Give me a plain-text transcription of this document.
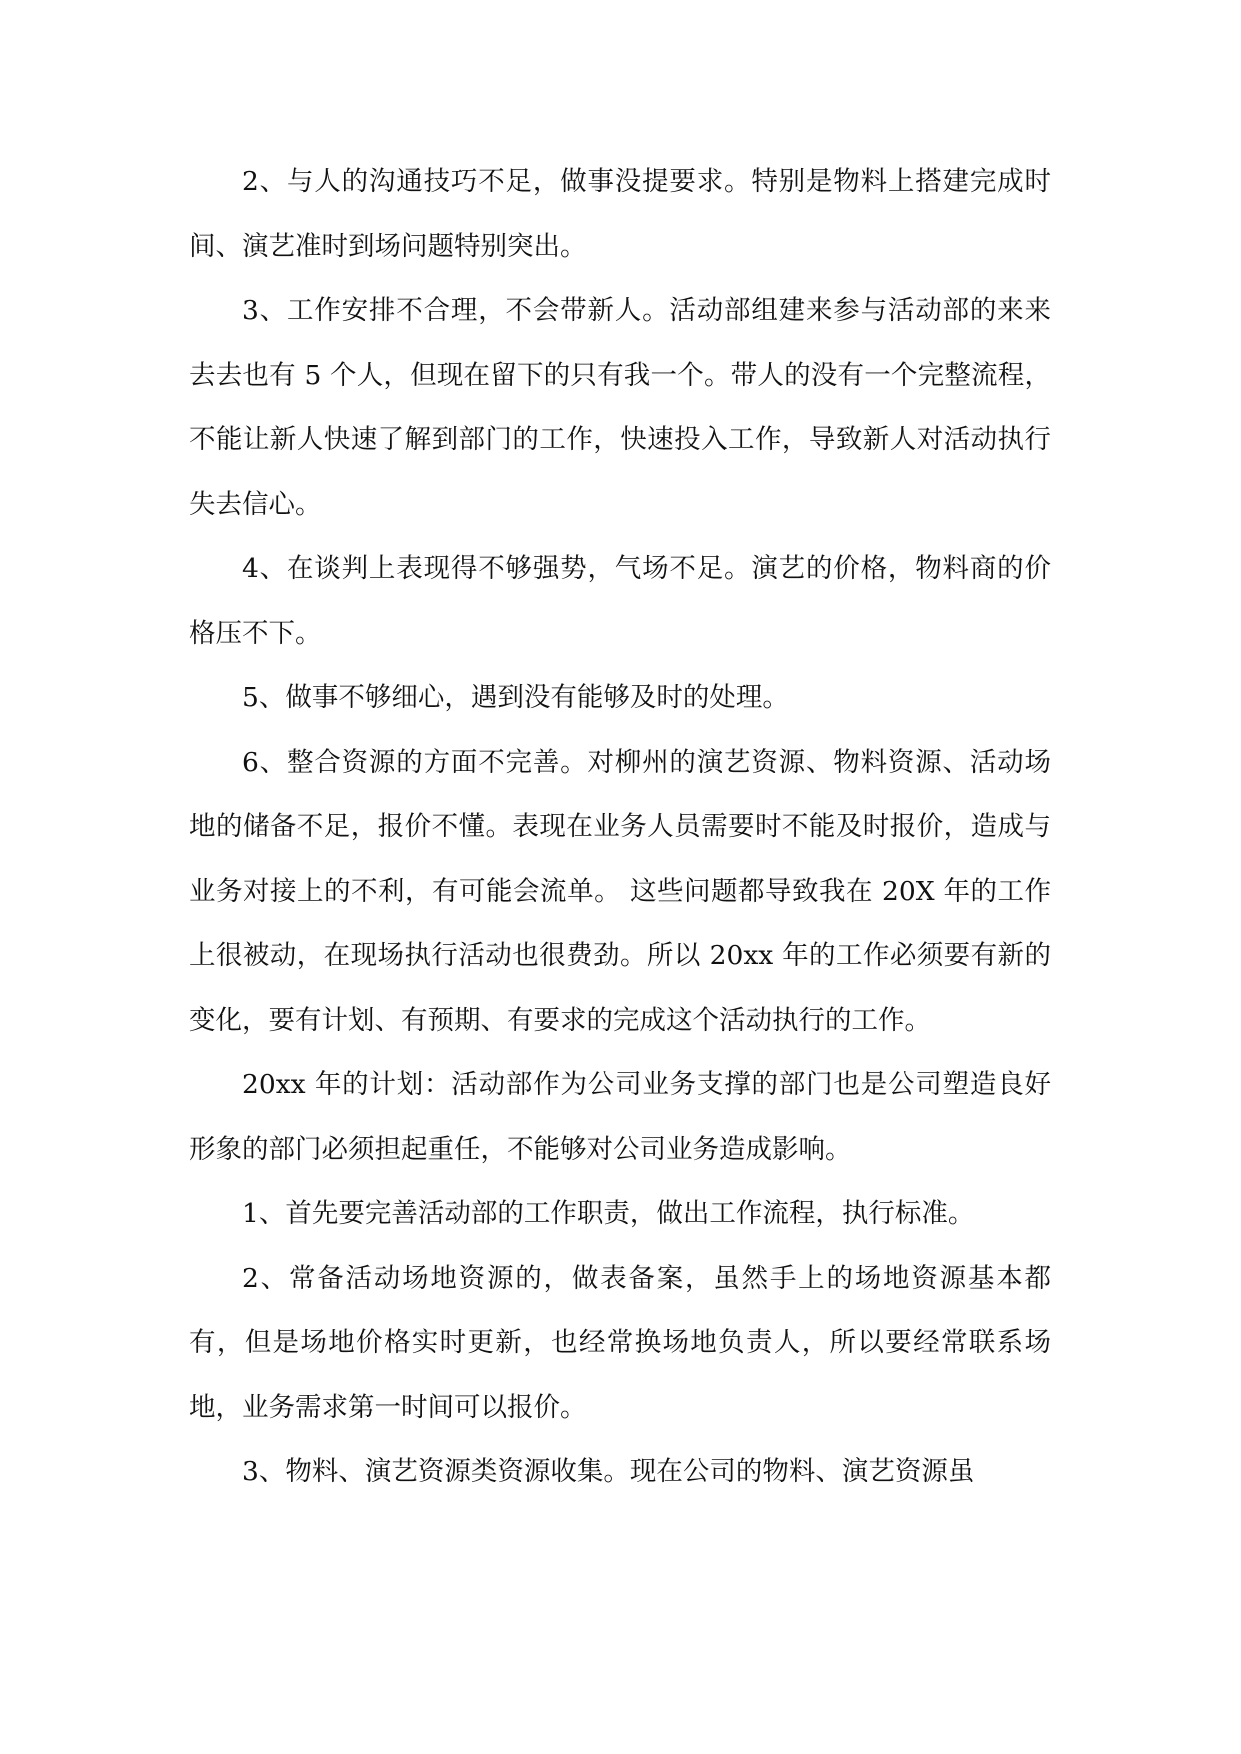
2、与人的沟通技巧不足，做事没提要求。特别是物料上搭建完成时间、演艺准时到场问题特别突出。

3、工作安排不合理，不会带新人。活动部组建来参与活动部的来来去去也有 5 个人，但现在留下的只有我一个。带人的没有一个完整流程，不能让新人快速了解到部门的工作，快速投入工作，导致新人对活动执行失去信心。

4、在谈判上表现得不够强势，气场不足。演艺的价格，物料商的价格压不下。

5、做事不够细心，遇到没有能够及时的处理。

6、整合资源的方面不完善。对柳州的演艺资源、物料资源、活动场地的储备不足，报价不懂。表现在业务人员需要时不能及时报价，造成与业务对接上的不利，有可能会流单。 这些问题都导致我在 20X 年的工作上很被动，在现场执行活动也很费劲。所以 20xx 年的工作必须要有新的变化，要有计划、有预期、有要求的完成这个活动执行的工作。

20xx 年的计划：活动部作为公司业务支撑的部门也是公司塑造良好形象的部门必须担起重任，不能够对公司业务造成影响。

1、首先要完善活动部的工作职责，做出工作流程，执行标准。

2、常备活动场地资源的，做表备案，虽然手上的场地资源基本都有，但是场地价格实时更新，也经常换场地负责人，所以要经常联系场地，业务需求第一时间可以报价。

3、物料、演艺资源类资源收集。现在公司的物料、演艺资源虽
